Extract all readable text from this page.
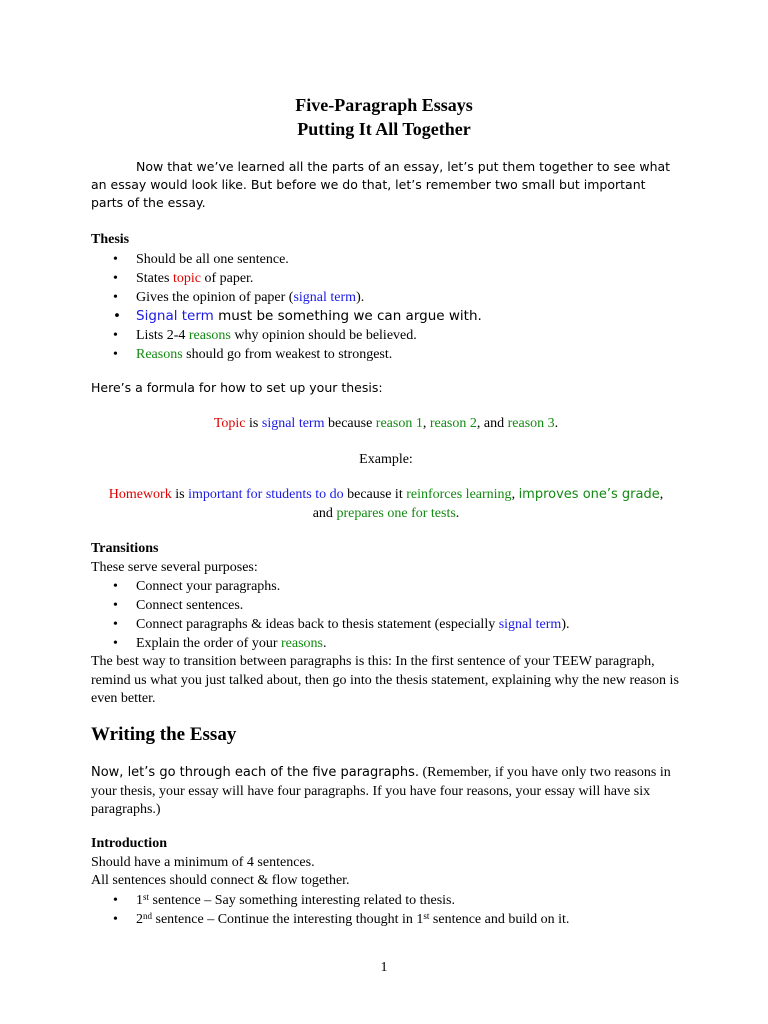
Five-Paragraph Essays
Putting It All Together
Now that we’ve learned all the parts of an essay, let’s put them together to see what an essay would look like. But before we do that, let’s remember two small but important parts of the essay.
Thesis
• Should be all one sentence.
• States topic of paper.
• Gives the opinion of paper (signal term).
• Signal term must be something we can argue with.
• Lists 2-4 reasons why opinion should be believed.
• Reasons should go from weakest to strongest.
Here’s a formula for how to set up your thesis:
Topic is signal term because reason 1, reason 2, and reason 3.
Example:
Homework is important for students to do because it reinforces learning, improves one’s grade,
and prepares one for tests.
Transitions
These serve several purposes:
• Connect your paragraphs.
• Connect sentences.
• Connect paragraphs & ideas back to thesis statement (especially signal term).
• Explain the order of your reasons.
The best way to transition between paragraphs is this: In the first sentence of your TEEW paragraph, remind us what you just talked about, then go into the thesis statement, explaining why the new reason is even better.
Writing the Essay
Now, let’s go through each of the five paragraphs. (Remember, if you have only two reasons in your thesis, your essay will have four paragraphs. If you have four reasons, your essay will have six paragraphs.)
Introduction
Should have a minimum of 4 sentences.
All sentences should connect & flow together.
• 1st sentence – Say something interesting related to thesis.
• 2nd sentence – Continue the interesting thought in 1st sentence and build on it.
1
